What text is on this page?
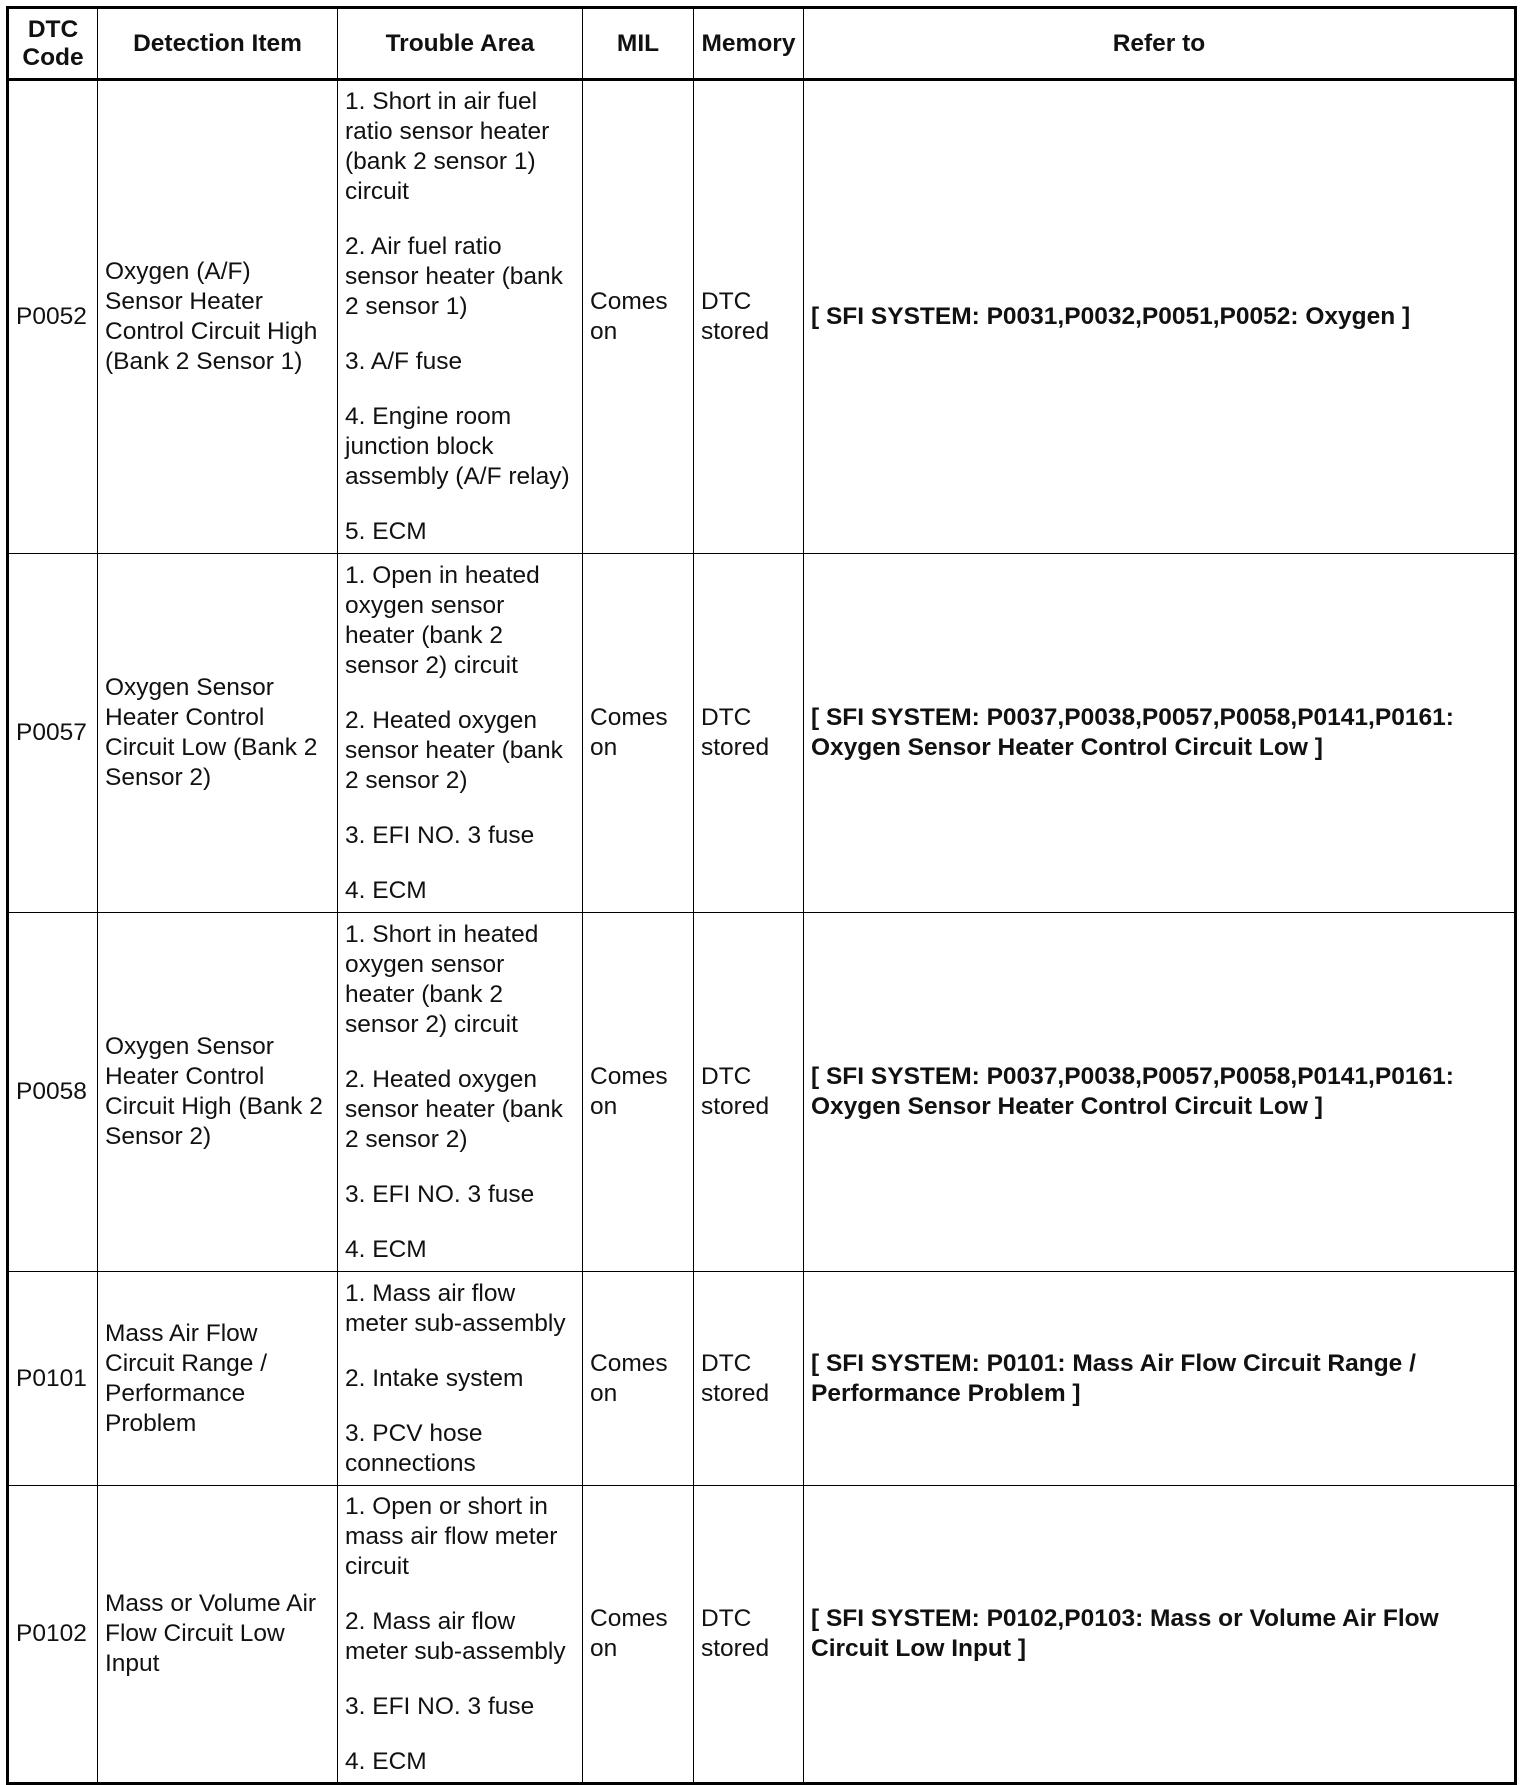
DTC Code	Detection Item	Trouble Area	MIL	Memory	Refer to
P0052	Oxygen (A/F) Sensor Heater Control Circuit High (Bank 2 Sensor 1)	1. Short in air fuel ratio sensor heater (bank 2 sensor 1) circuit

2. Air fuel ratio sensor heater (bank 2 sensor 1)

3. A/F fuse

4. Engine room junction block assembly (A/F relay)

5. ECM	Comes on	DTC stored	[ SFI SYSTEM: P0031,P0032,P0051,P0052: Oxygen ]
P0057	Oxygen Sensor Heater Control Circuit Low (Bank 2 Sensor 2)	1. Open in heated oxygen sensor heater (bank 2 sensor 2) circuit

2. Heated oxygen sensor heater (bank 2 sensor 2)

3. EFI NO. 3 fuse

4. ECM	Comes on	DTC stored	[ SFI SYSTEM: P0037,P0038,P0057,P0058,P0141,P0161: Oxygen Sensor Heater Control Circuit Low ]
P0058	Oxygen Sensor Heater Control Circuit High (Bank 2 Sensor 2)	1. Short in heated oxygen sensor heater (bank 2 sensor 2) circuit

2. Heated oxygen sensor heater (bank 2 sensor 2)

3. EFI NO. 3 fuse

4. ECM	Comes on	DTC stored	[ SFI SYSTEM: P0037,P0038,P0057,P0058,P0141,P0161: Oxygen Sensor Heater Control Circuit Low ]
P0101	Mass Air Flow Circuit Range / Performance Problem	1. Mass air flow meter sub-assembly

2. Intake system

3. PCV hose connections	Comes on	DTC stored	[ SFI SYSTEM: P0101: Mass Air Flow Circuit Range / Performance Problem ]
P0102	Mass or Volume Air Flow Circuit Low Input	1. Open or short in mass air flow meter circuit

2. Mass air flow meter sub-assembly

3. EFI NO. 3 fuse

4. ECM	Comes on	DTC stored	[ SFI SYSTEM: P0102,P0103: Mass or Volume Air Flow Circuit Low Input ]
